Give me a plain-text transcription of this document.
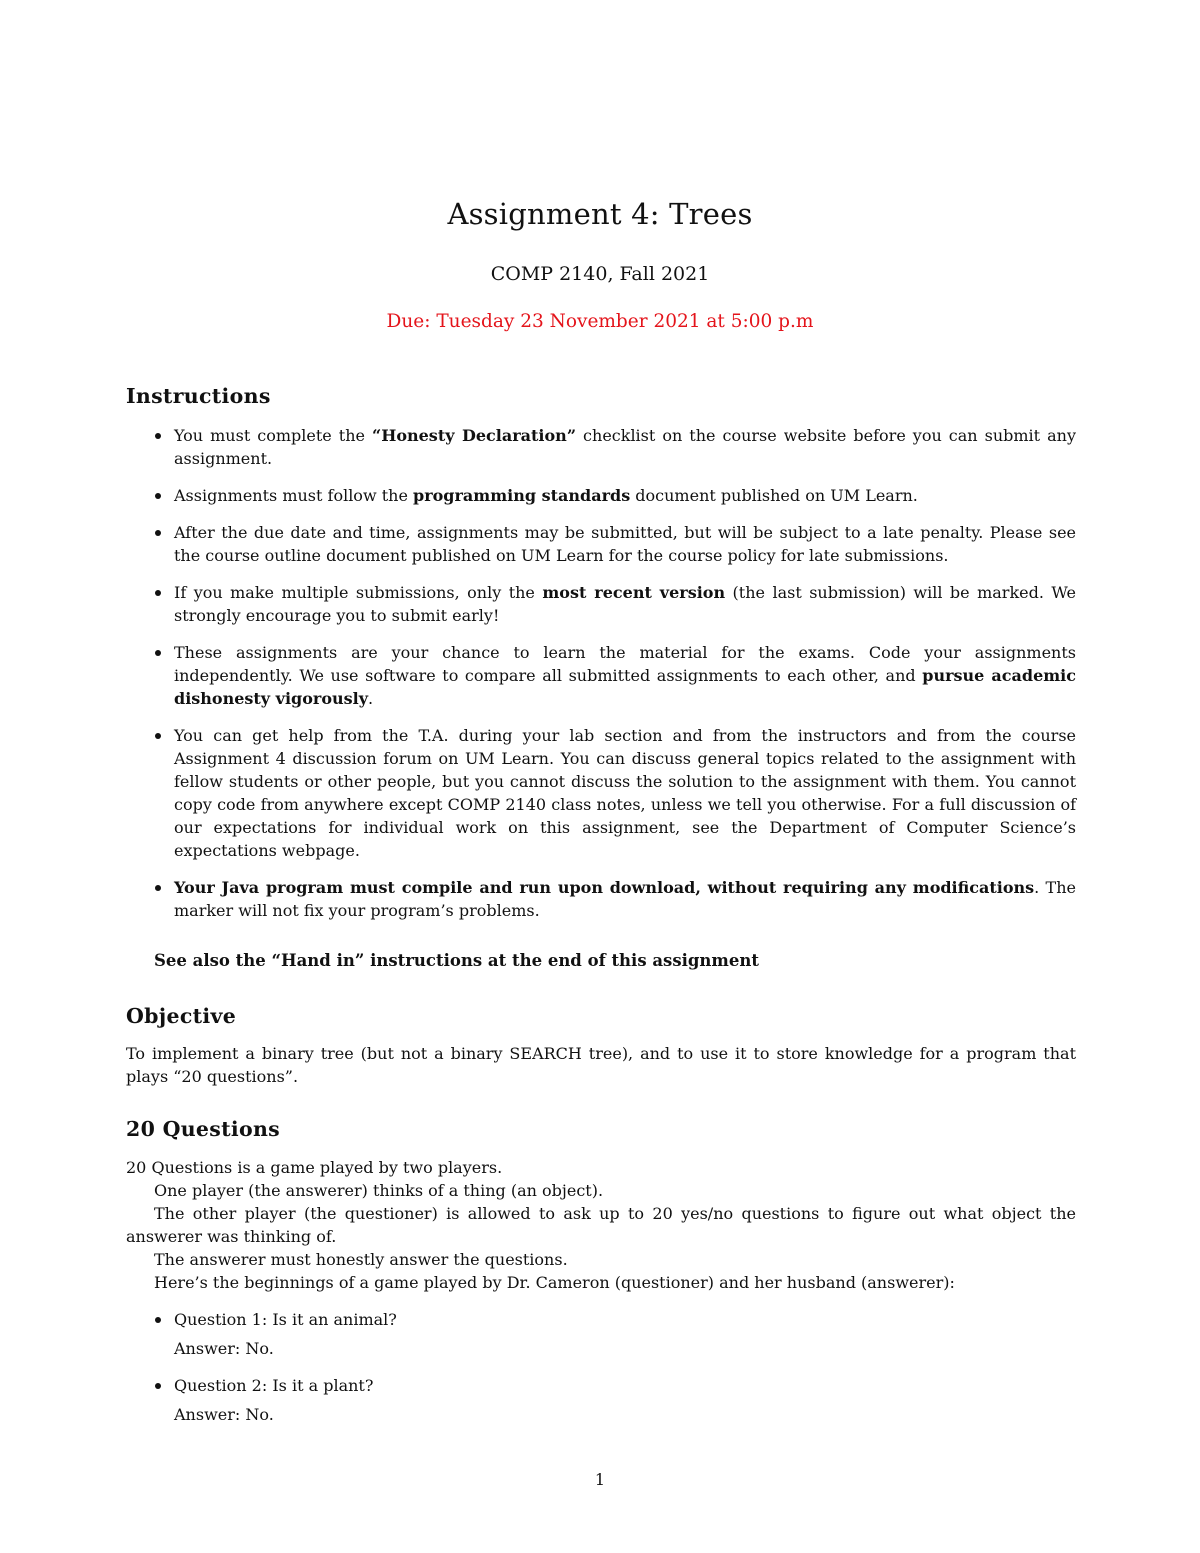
Assignment 4: Trees
COMP 2140, Fall 2021
Due: Tuesday 23 November 2021 at 5:00 p.m
Instructions
You must complete the “Honesty Declaration” checklist on the course website before you can submit any assignment.
Assignments must follow the programming standards document published on UM Learn.
After the due date and time, assignments may be submitted, but will be subject to a late penalty. Please see the course outline document published on UM Learn for the course policy for late submissions.
If you make multiple submissions, only the most recent version (the last submission) will be marked. We strongly encourage you to submit early!
These assignments are your chance to learn the material for the exams. Code your assignments independently. We use software to compare all submitted assignments to each other, and pursue academic dishonesty vigorously.
You can get help from the T.A. during your lab section and from the instructors and from the course Assignment 4 discussion forum on UM Learn. You can discuss general topics related to the assignment with fellow students or other people, but you cannot discuss the solution to the assignment with them. You cannot copy code from anywhere except COMP 2140 class notes, unless we tell you otherwise. For a full discussion of our expectations for individual work on this assignment, see the Department of Computer Science’s expectations webpage.
Your Java program must compile and run upon download, without requiring any modifications. The marker will not fix your program’s problems.
See also the “Hand in” instructions at the end of this assignment
Objective

To implement a binary tree (but not a binary SEARCH tree), and to use it to store knowledge for a program that plays “20 questions”.

20 Questions

20 Questions is a game played by two players.

One player (the answerer) thinks of a thing (an object).

The other player (the questioner) is allowed to ask up to 20 yes/no questions to figure out what object the answerer was thinking of.

The answerer must honestly answer the questions.

Here’s the beginnings of a game played by Dr. Cameron (questioner) and her husband (answerer):

Question 1: Is it an animal?
Answer: No.
Question 2: Is it a plant?
Answer: No.
1
